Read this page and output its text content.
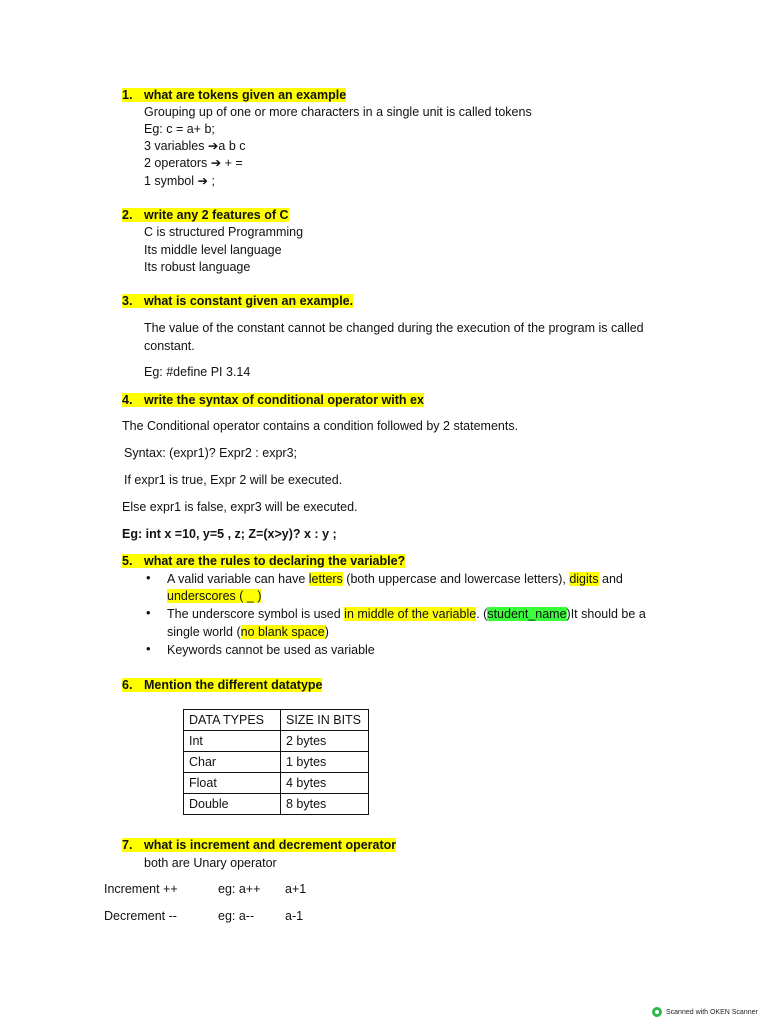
1. what are tokens given an example
Grouping up of one or more characters in a single unit is called tokens
Eg: c = a+ b;
3 variables ➔a b c
2 operators ➔ + =
1 symbol ➔ ;
2. write any 2 features of C
C is structured Programming
Its middle level language
Its robust language
3. what is constant given an example.
The value of the constant cannot be changed during the execution of the program is called
constant.
Eg: #define PI 3.14
4. write the syntax of conditional operator with ex
The Conditional operator contains a condition followed by 2 statements.
Syntax: (expr1)? Expr2 : expr3;
If expr1 is true, Expr 2 will be executed.
Else expr1 is false, expr3 will be executed.
Eg: int x =10, y=5 , z; Z=(x>y)? x : y ;
5. what are the rules to declaring the variable?
• A valid variable can have letters (both uppercase and lowercase letters), digits and
underscores ( _ )
• The underscore symbol is used in middle of the variable. (student_name)It should be a
single world (no blank space)
• Keywords cannot be used as variable
6. Mention the different datatype
DATA TYPES	SIZE IN BITS
Int	2 bytes
Char	1 bytes
Float	4 bytes
Double	8 bytes
7. what is increment and decrement operator
both are Unary operator
Increment ++	eg: a++ a+1
Decrement --	eg: a-- a-1
Scanned with OKEN Scanner
